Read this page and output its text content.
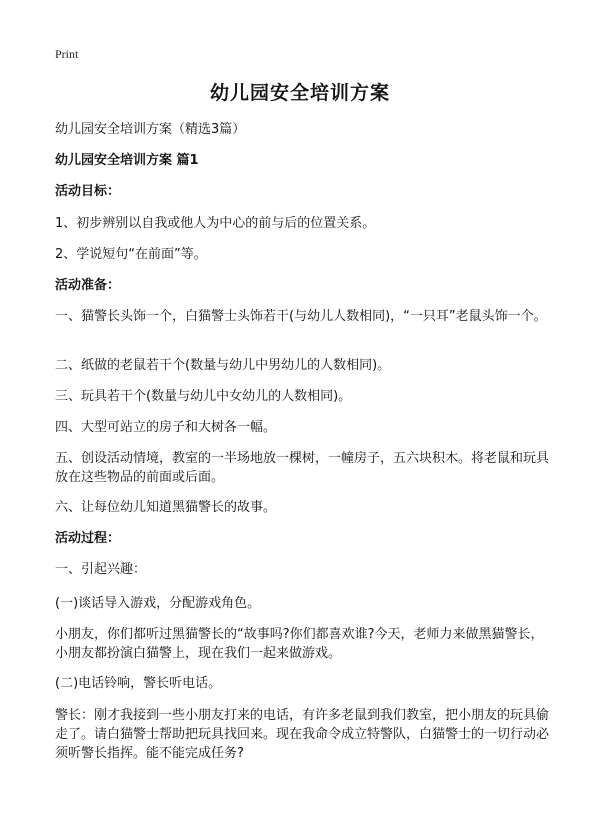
Print
幼儿园安全培训方案
幼儿园安全培训方案（精选3篇）
幼儿园安全培训方案 篇1
活动目标：
1、初步辨别以自我或他人为中心的前与后的位置关系。
2、学说短句“在前面”等。
活动准备：
一、猫警长头饰一个，白猫警士头饰若干(与幼儿人数相同)，“一只耳”老鼠头饰一个。
二、纸做的老鼠若干个(数量与幼儿中男幼儿的人数相同)。
三、玩具若干个(数量与幼儿中女幼儿的人数相同)。
四、大型可站立的房子和大树各一幅。
五、创设活动情境，教室的一半场地放一棵树，一幢房子，五六块积木。将老鼠和玩具放在这些物品的前面或后面。
六、让每位幼儿知道黑猫警长的故事。
活动过程：
一、引起兴趣：
(一)谈话导入游戏，分配游戏角色。
小朋友，你们都听过黑猫警长的“故事吗?你们都喜欢谁?今天，老师力来做黑猫警长，小朋友都扮演白猫警上，现在我们一起来做游戏。
(二)电话铃响，警长听电话。
警长：刚才我接到一些小朋友打来的电话，有许多老鼠到我们教室，把小朋友的玩具偷走了。请白猫警士帮助把玩具找回来。现在我命令成立特警队，白猫警士的一切行动必须听警长指挥。能不能完成任务?
